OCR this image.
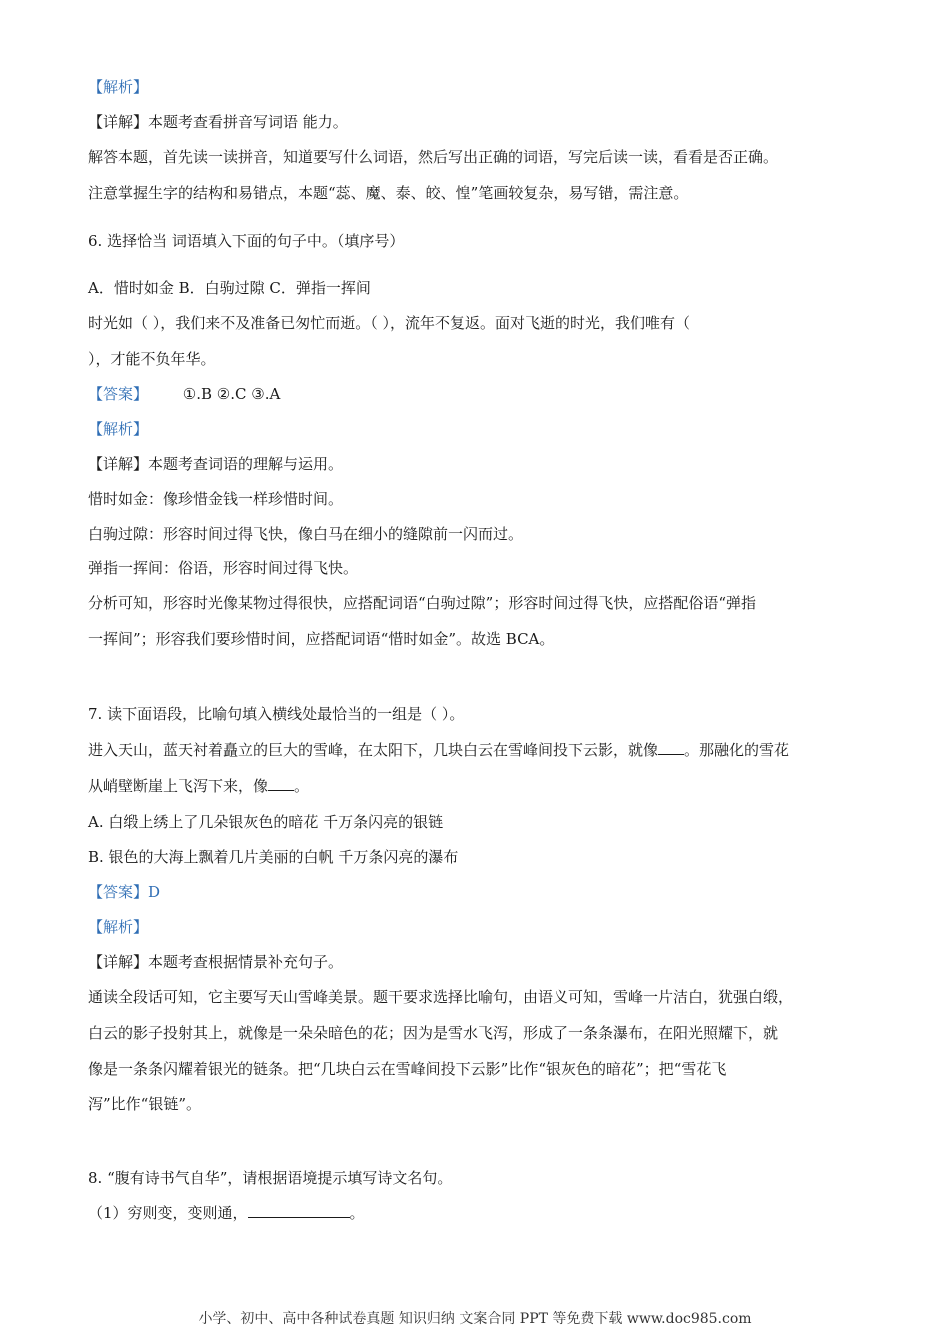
【解析】
【详解】本题考查看拼音写词语 能力。
解答本题，首先读一读拼音，知道要写什么词语，然后写出正确的词语，写完后读一读，看看是否正确。
注意掌握生字的结构和易错点，本题“蕊、魔、泰、皎、惶”笔画较复杂，易写错，需注意。
6. 选择恰当 词语填入下面的句子中。（填序号）
A．惜时如金 B．白驹过隙 C．弹指一挥间
时光如（ ），我们来不及准备已匆忙而逝。（ ），流年不复返。面对飞逝的时光，我们唯有（
），才能不负年华。
【答案】 ①.B ②.C ③.A
【解析】
【详解】本题考查词语的理解与运用。
惜时如金：像珍惜金钱一样珍惜时间。
白驹过隙：形容时间过得飞快，像白马在细小的缝隙前一闪而过。
弹指一挥间：俗语，形容时间过得飞快。
分析可知，形容时光像某物过得很快，应搭配词语“白驹过隙”；形容时间过得飞快，应搭配俗语“弹指
一挥间”；形容我们要珍惜时间，应搭配词语“惜时如金”。故选 BCA。
7. 读下面语段，比喻句填入横线处最恰当的一组是（ ）。
进入天山，蓝天衬着矗立的巨大的雪峰，在太阳下，几块白云在雪峰间投下云影，就像 。那融化的雪花
从峭壁断崖上飞泻下来，像 。
A. 白缎上绣上了几朵银灰色的暗花 千万条闪亮的银链
B. 银色的大海上飘着几片美丽的白帆 千万条闪亮的瀑布
【答案】D
【解析】
【详解】本题考查根据情景补充句子。
通读全段话可知，它主要写天山雪峰美景。题干要求选择比喻句，由语义可知，雪峰一片洁白，犹强白缎，
白云的影子投射其上，就像是一朵朵暗色的花；因为是雪水飞泻，形成了一条条瀑布，在阳光照耀下，就
像是一条条闪耀着银光的链条。把“几块白云在雪峰间投下云影”比作“银灰色的暗花”；把“雪花飞
泻”比作“银链”。
8. “腹有诗书气自华”，请根据语境提示填写诗文名句。
（1）穷则变，变则通，	。
小学、初中、高中各种试卷真题 知识归纳 文案合同 PPT 等免费下载 www.doc985.com
